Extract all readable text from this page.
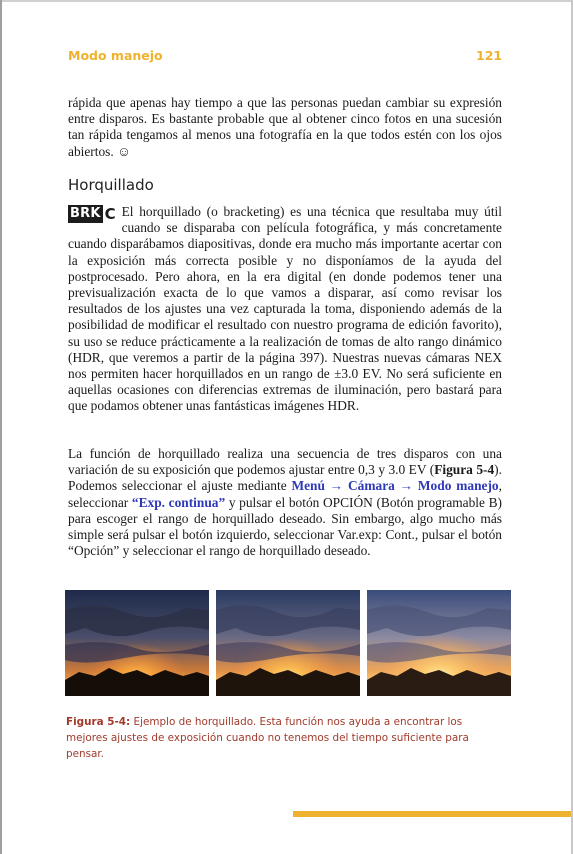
Modo manejo	121
rápida que apenas hay tiempo a que las personas puedan cambiar su expresión entre disparos. Es bastante probable que al obtener cinco fotos en una sucesión tan rápida tengamos al menos una fotografía en la que todos estén con los ojos abiertos. ☺
Horquillado
BRK C El horquillado (o bracketing) es una técnica que resultaba muy útil cuando se disparaba con película fotográfica, y más concretamente cuando disparábamos diapositivas, donde era mucho más importante acertar con la exposición más correcta posible y no disponíamos de la ayuda del postprocesado. Pero ahora, en la era digital (en donde podemos tener una previsualización exacta de lo que vamos a disparar, así como revisar los resultados de los ajustes una vez capturada la toma, disponiendo además de la posibilidad de modificar el resultado con nuestro programa de edición favorito), su uso se reduce prácticamente a la realización de tomas de alto rango dinámico (HDR, que veremos a partir de la página 397). Nuestras nuevas cámaras NEX nos permiten hacer horquillados en un rango de ±3.0 EV. No será suficiente en aquellas ocasiones con diferencias extremas de iluminación, pero bastará para que podamos obtener unas fantásticas imágenes HDR.
La función de horquillado realiza una secuencia de tres disparos con una variación de su exposición que podemos ajustar entre 0,3 y 3.0 EV (Figura 5-4). Podemos seleccionar el ajuste mediante Menú → Cámara → Modo manejo, seleccionar “Exp. continua” y pulsar el botón OPCIÓN (Botón programable B) para escoger el rango de horquillado deseado. Sin embargo, algo mucho más simple será pulsar el botón izquierdo, seleccionar Var.exp: Cont., pulsar el botón “Opción” y seleccionar el rango de horquillado deseado.
Figura 5-4: Ejemplo de horquillado. Esta función nos ayuda a encontrar los mejores ajustes de exposición cuando no tenemos del tiempo suficiente para pensar.
